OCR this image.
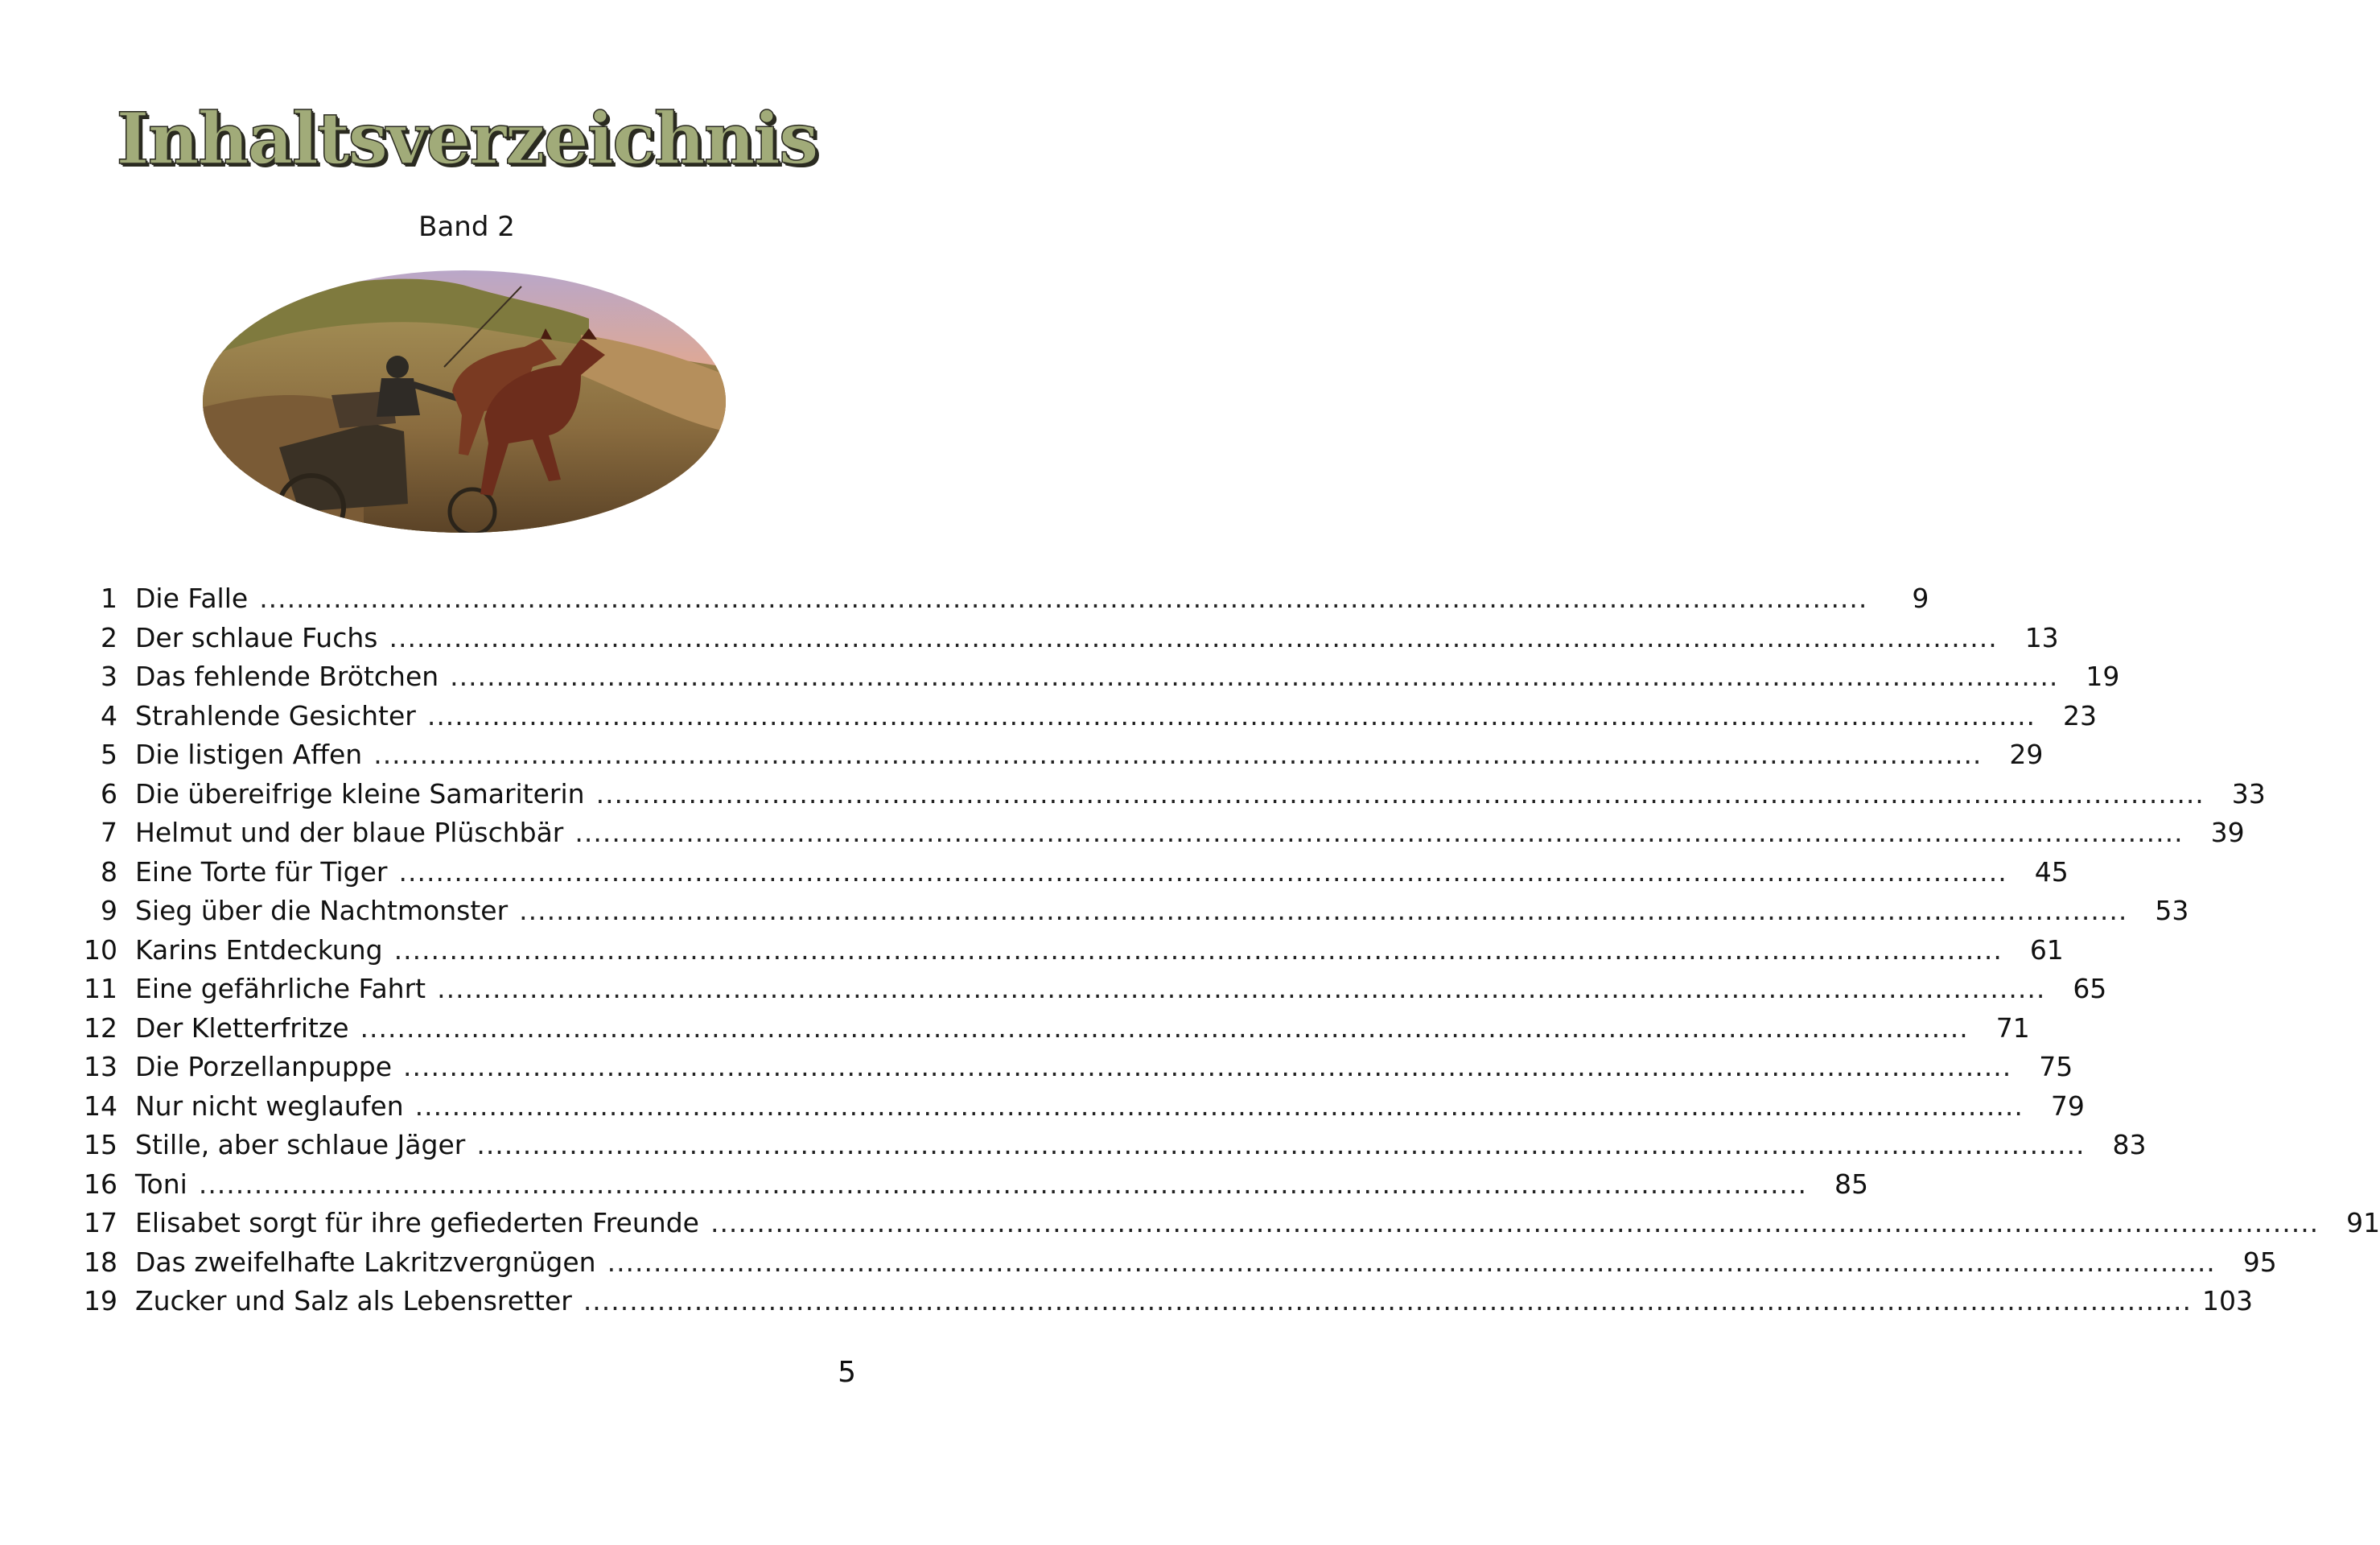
Inhaltsverzeichnis
Band 2
1 Die Falle ..............................................................................................................................................................................	9
2 Der schlaue Fuchs ..............................................................................................................................................................................	13
3 Das fehlende Brötchen ..............................................................................................................................................................................	19
4 Strahlende Gesichter ..............................................................................................................................................................................	23
5 Die listigen Affen ..............................................................................................................................................................................	29
6 Die übereifrige kleine Samariterin ..............................................................................................................................................................................	33
7 Helmut und der blaue Plüschbär ..............................................................................................................................................................................	39
8 Eine Torte für Tiger ..............................................................................................................................................................................	45
9 Sieg über die Nachtmonster ..............................................................................................................................................................................	53
10 Karins Entdeckung ..............................................................................................................................................................................	61
11 Eine gefährliche Fahrt ..............................................................................................................................................................................	65
12 Der Kletterfritze ..............................................................................................................................................................................	71
13 Die Porzellanpuppe ..............................................................................................................................................................................	75
14 Nur nicht weglaufen ..............................................................................................................................................................................	79
15 Stille, aber schlaue Jäger ..............................................................................................................................................................................	83
16 Toni ..............................................................................................................................................................................	85
17 Elisabet sorgt für ihre gefiederten Freunde ..............................................................................................................................................................................	91
18 Das zweifelhafte Lakritzvergnügen ..............................................................................................................................................................................	95
19 Zucker und Salz als Lebensretter .............................................................................................................................................................................. 103
5
